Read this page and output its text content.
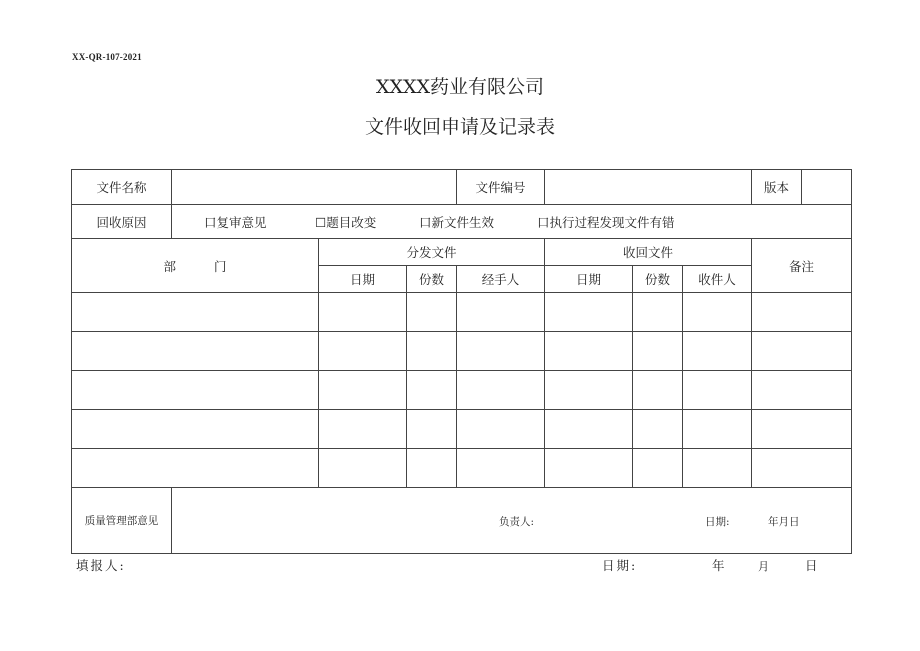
XX-QR-107-2021
XXXX药业有限公司
文件收回申请及记录表
文件名称				文件编号				版本	
回收原因	口复审意见 ☐题目改变 口新文件生效 口执行过程发现文件有错								
部 门		分发文件			收回文件			备注	
		日期	份数	经手人	日期	份数	收件人		

质量管理部意见	负责人: 日期: 年月日								
填报人:	日期:	年	月	日
